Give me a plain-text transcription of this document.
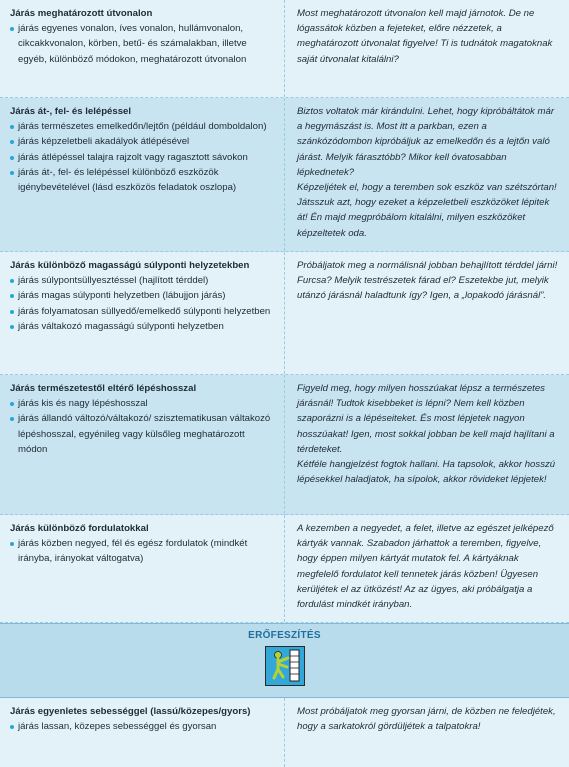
Járás meghatározott útvonalon

járás egyenes vonalon, íves vonalon, hullámvonalon, cikcakkvonalon, körben, betű- és számalakban, illetve egyéb, különböző módokon, meghatározott útvonalon

Most meghatározott útvonalon kell majd járnotok. De ne lógassátok közben a fejeteket, előre nézzetek, a meghatározott útvonalat figyelve! Ti is tudnátok magatoknak saját útvonalat kitalálni?

Járás át-, fel- és lelépéssel

járás természetes emelkedőn/lejtőn (például domboldalon)
járás képzeletbeli akadályok átlépésével
járás átlépéssel talajra rajzolt vagy ragasztott sávokon
járás át-, fel- és lelépéssel különböző eszközök igénybevételével (lásd eszközös feladatok oszlopa)

Biztos voltatok már kiránduIni. Lehet, hogy kipróbáltátok már a hegymászást is. Most itt a parkban, ezen a szánkózódombon kipróbáljuk az emelkedőn és a lejtőn való járást. Melyik fárasztóbb? Mikor kell óvatosabban lépkednetek?

Képzeljétek el, hogy a teremben sok eszköz van szétszórtan! Játsszuk azt, hogy ezeket a képzeletbeli eszközöket lépitek át! Én majd megpróbálom kitalálni, milyen eszközöket képzeltetek oda.

Járás különböző magasságú súlyponti helyzetekben

járás súlypontsüllyesztéssel (hajlított térddel)
járás magas súlyponti helyzetben (lábujjon járás)
járás folyamatosan süllyedő/emelkedő súlyponti helyzetben
járás váltakozó magasságú súlyponti helyzetben

Próbáljatok meg a normálisnál jobban behajlított térddel járni! Furcsa? Melyik testrészetek fárad el? Eszetekbe jut, melyik utánzó járásnál haladtunk így? Igen, a „lopakodó járásnál”.

Járás természetestől eltérő lépéshosszal

járás kis és nagy lépéshosszal
járás állandó változó/váltakozó/ szisztematikusan váltakozó lépéshosszal, egyénileg vagy külsőleg meghatározott módon

Figyeld meg, hogy milyen hosszúakat lépsz a természetes járásnál! Tudtok kisebbeket is lépni? Nem kell közben szaporázni is a lépéseiteket. És most lépjetek nagyon hosszúakat! Igen, most sokkal jobban be kell majd hajlítani a térdeteket.

Kétféle hangjelzést fogtok hallani. Ha tapsolok, akkor hosszú lépésekkel haladjatok, ha sípolok, akkor rövideket lépjetek!

Járás különböző fordulatokkal

járás közben negyed, fél és egész fordulatok (mindkét irányba, irányokat váltogatva)

A kezemben a negyedet, a felet, illetve az egészet jelképező kártyák vannak. Szabadon járhattok a teremben, figyelve, hogy éppen milyen kártyát mutatok fel. A kártyáknak megfelelő fordulatot kell tennetek járás közben! Ügyesen kerüljétek el az ütközést! Az az ügyes, aki próbálgatja a fordulást mindkét irányban.

ERŐFESZÍTÉS

Járás egyenletes sebességgel (lassú/közepes/gyors)

járás lassan, közepes sebességgel és gyorsan

Most próbáljatok meg gyorsan járni, de közben ne feledjétek, hogy a sarkatokról gördüljétek a talpatokra!
